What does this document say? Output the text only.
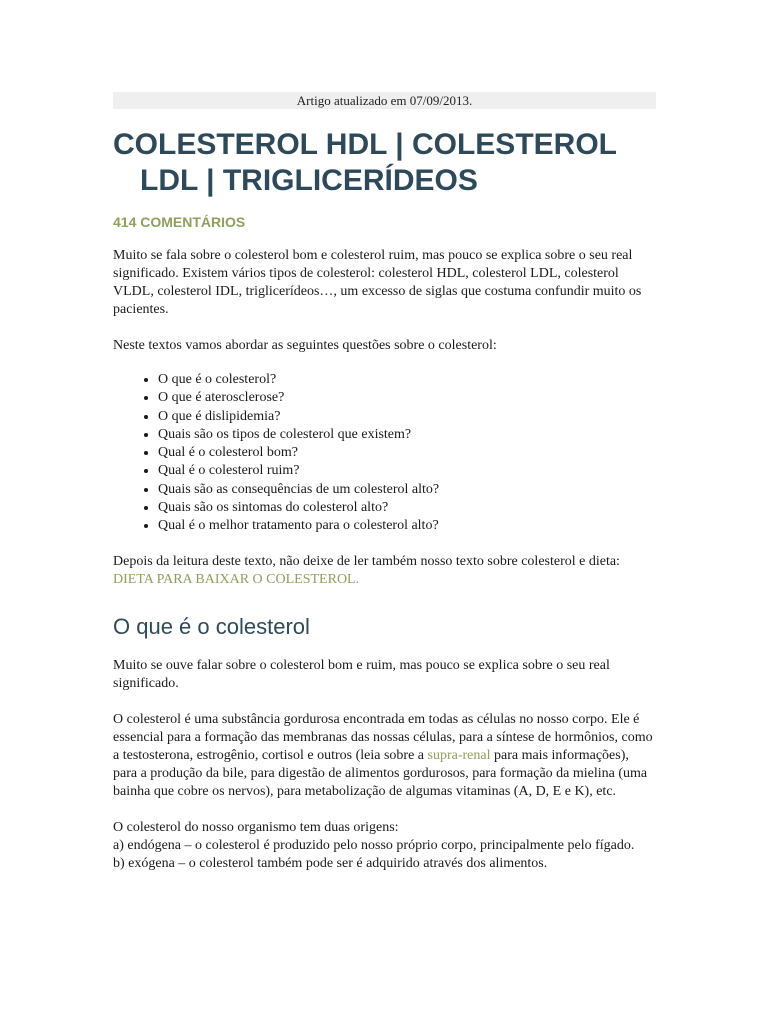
Artigo atualizado em 07/09/2013.
COLESTEROL HDL | COLESTEROL
LDL | TRIGLICERÍDEOS
414 COMENTÁRIOS

Muito se fala sobre o colesterol bom e colesterol ruim, mas pouco se explica sobre o seu real significado. Existem vários tipos de colesterol: colesterol HDL, colesterol LDL, colesterol VLDL, colesterol IDL, triglicerídeos…, um excesso de siglas que costuma confundir muito os pacientes.

Neste textos vamos abordar as seguintes questões sobre o colesterol:

• O que é o colesterol?
• O que é aterosclerose?
• O que é dislipidemia?
• Quais são os tipos de colesterol que existem?
• Qual é o colesterol bom?
• Qual é o colesterol ruim?
• Quais são as consequências de um colesterol alto?
• Quais são os sintomas do colesterol alto?
• Qual é o melhor tratamento para o colesterol alto?

Depois da leitura deste texto, não deixe de ler também nosso texto sobre colesterol e dieta: DIETA PARA BAIXAR O COLESTEROL.

O que é o colesterol

Muito se ouve falar sobre o colesterol bom e ruim, mas pouco se explica sobre o seu real significado.

O colesterol é uma substância gordurosa encontrada em todas as células no nosso corpo. Ele é essencial para a formação das membranas das nossas células, para a síntese de hormônios, como a testosterona, estrogênio, cortisol e outros (leia sobre a supra-renal para mais informações), para a produção da bile, para digestão de alimentos gordurosos, para formação da mielina (uma bainha que cobre os nervos), para metabolização de algumas vitaminas (A, D, E e K), etc.

O colesterol do nosso organismo tem duas origens:
a) endógena – o colesterol é produzido pelo nosso próprio corpo, principalmente pelo fígado.
b) exógena – o colesterol também pode ser é adquirido através dos alimentos.
